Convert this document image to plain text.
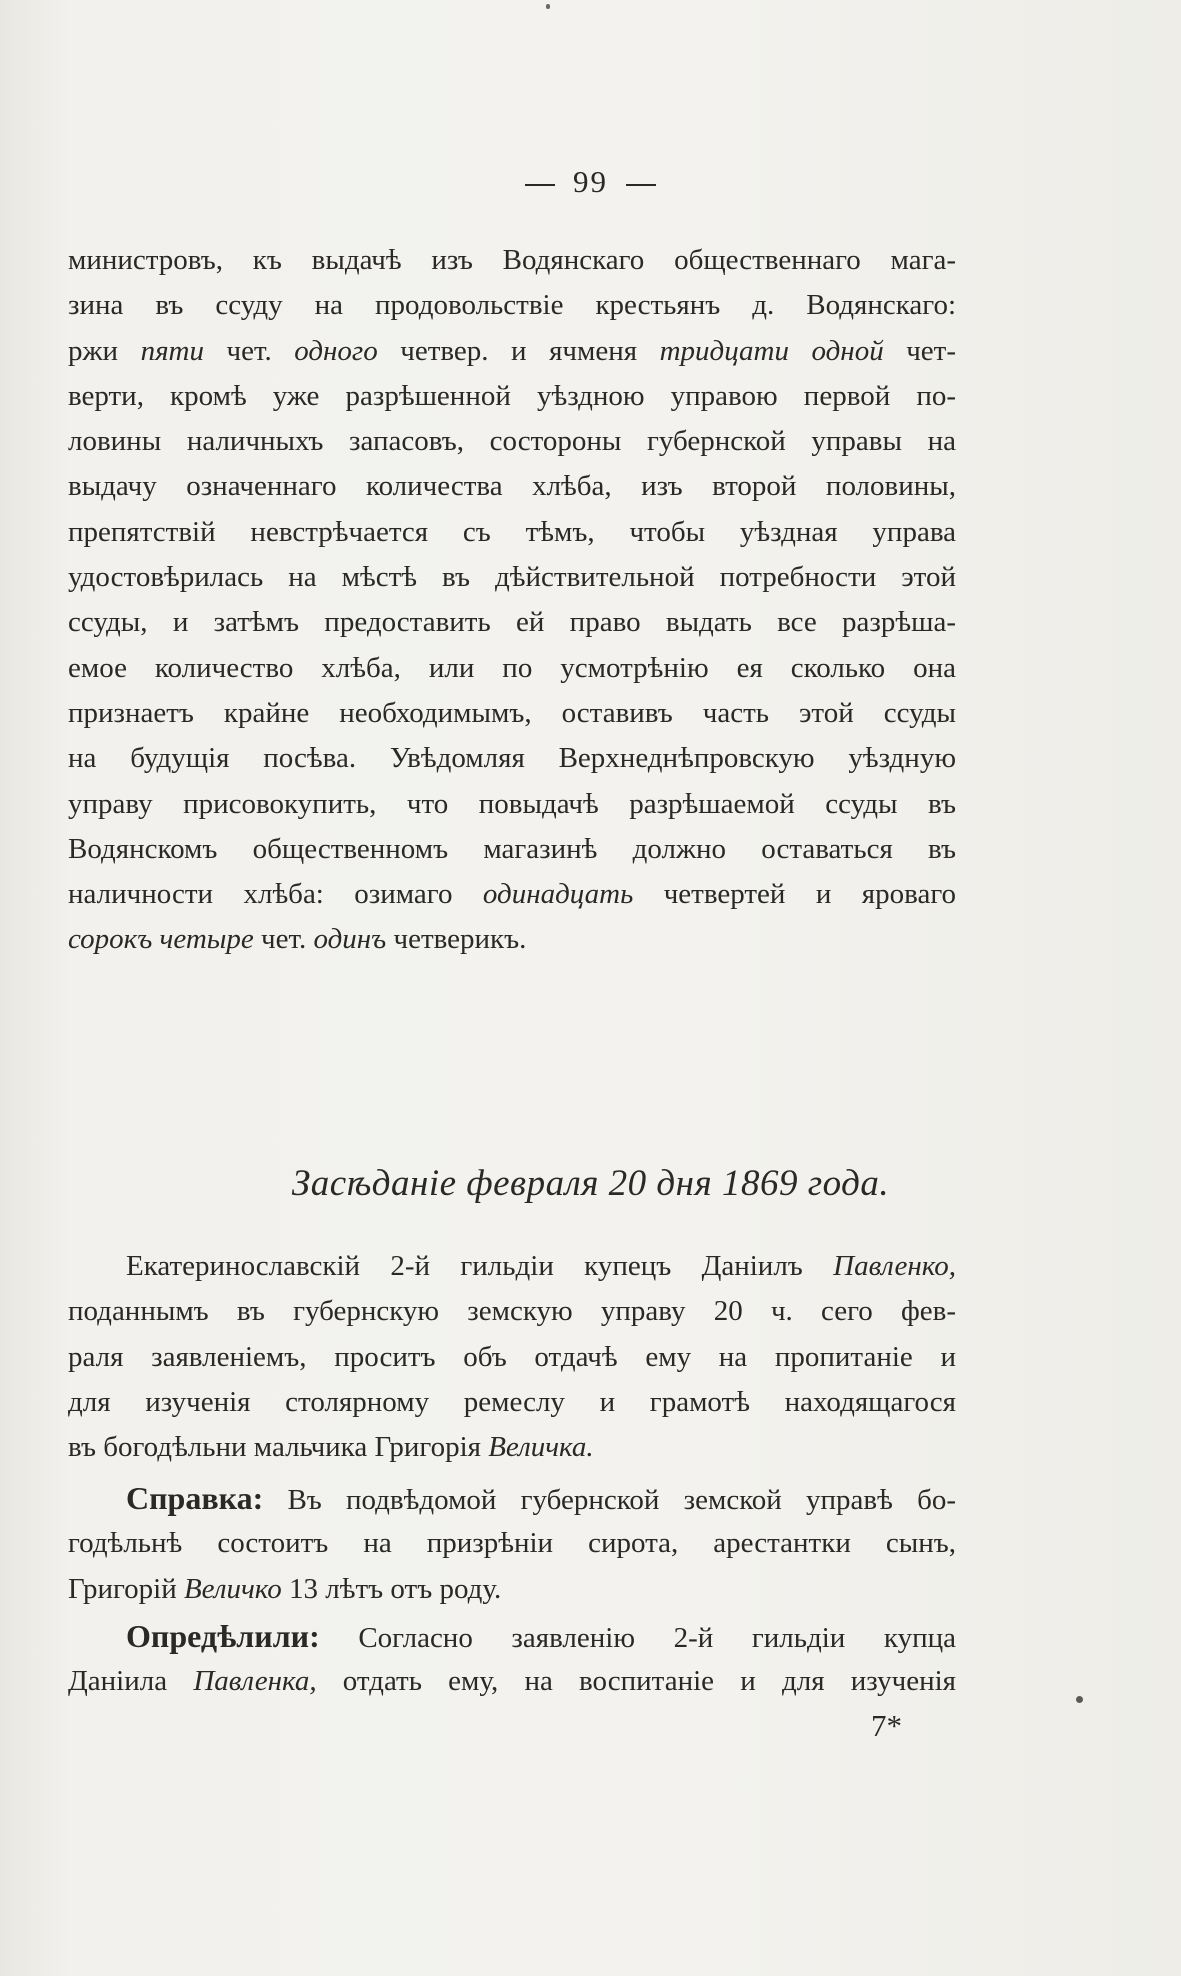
99
министровъ, къ выдачѣ изъ Водянскаго общественнаго мага-
зина въ ссуду на продовольствіе крестьянъ д. Водянскаго:
ржи пяти чет. одного четвер. и ячменя тридцати одной чет-
верти, кромѣ уже разрѣшенной уѣздною управою первой по-
ловины наличныхъ запасовъ, состороны губернской управы на
выдачу означеннаго количества хлѣба, изъ второй половины,
препятствій невстрѣчается съ тѣмъ, чтобы уѣздная управа
удостовѣрилась на мѣстѣ въ дѣйствительной потребности этой
ссуды, и затѣмъ предоставить ей право выдать все разрѣша-
емое количество хлѣба, или по усмотрѣнію ея сколько она
признаетъ крайне необходимымъ, оставивъ часть этой ссуды
на будущія посѣва. Увѣдомляя Верхнеднѣпровскую уѣздную
управу присовокупить, что повыдачѣ разрѣшаемой ссуды въ
Водянскомъ общественномъ магазинѣ должно оставаться въ
наличности хлѣба: озимаго одинадцать четвертей и яроваго
сорокъ четыре чет. одинъ четверикъ.
Засѣданіе февраля 20 дня 1869 года.
  Екатеринославскій 2-й гильдіи купецъ Даніилъ Павленко,
поданнымъ въ губернскую земскую управу 20 ч. сего фев-
раля заявленіемъ, проситъ объ отдачѣ ему на пропитаніе и
для изученія столярному ремеслу и грамотѣ находящагося
въ богодѣльни мальчика Григорія Величка.
  Справка: Въ подвѣдомой губернской земской управѣ бо-
годѣльнѣ состоитъ на призрѣніи сирота, арестантки сынъ,
Григорій Величко 13 лѣтъ отъ роду.
  Опредѣлили: Согласно заявленію 2-й гильдіи купца
Даніила Павленка, отдать ему, на воспитаніе и для изученія
7*
